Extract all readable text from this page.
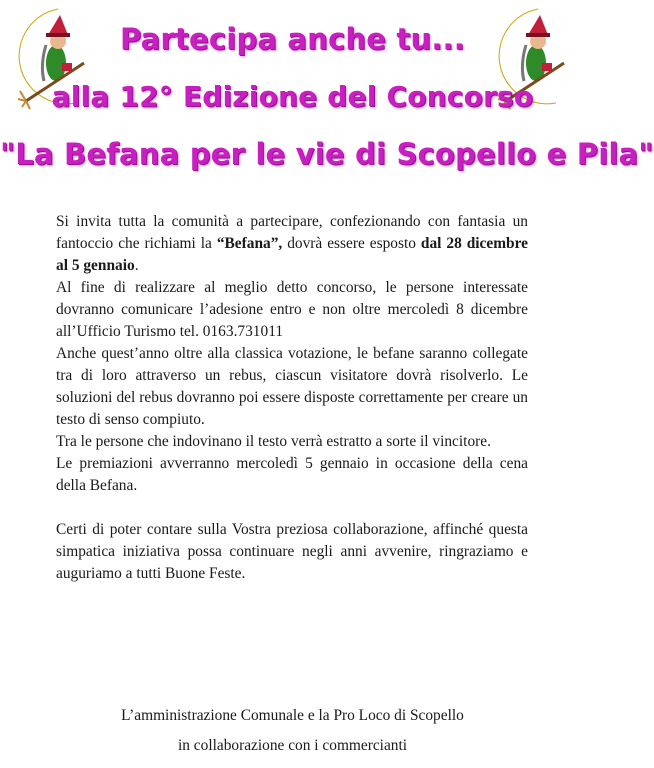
Partecipa anche tu...
alla 12° Edizione del Concorso
"La Befana per le vie di Scopello e Pila"

Si invita tutta la comunità a partecipare, confezionando con fantasia un fantoccio che richiami la “Befana”, dovrà essere esposto dal 28 dicembre al 5 gennaio.

Al fine di realizzare al meglio detto concorso, le persone interessate dovranno comunicare l’adesione entro e non oltre mercoledì 8 dicembre all’Ufficio Turismo tel. 0163.731011

Anche quest’anno oltre alla classica votazione, le befane saranno collegate tra di loro attraverso un rebus, ciascun visitatore dovrà risolverlo. Le soluzioni del rebus dovranno poi essere disposte correttamente per creare un testo di senso compiuto.

Tra le persone che indovinano il testo verrà estratto a sorte il vincitore.

Le premiazioni avverranno mercoledì 5 gennaio in occasione della cena della Befana.

Certi di poter contare sulla Vostra preziosa collaborazione, affinché questa simpatica iniziativa possa continuare negli anni avvenire, ringraziamo e auguriamo a tutti Buone Feste.

L’amministrazione Comunale e la Pro Loco di Scopello
in collaborazione con i commercianti
